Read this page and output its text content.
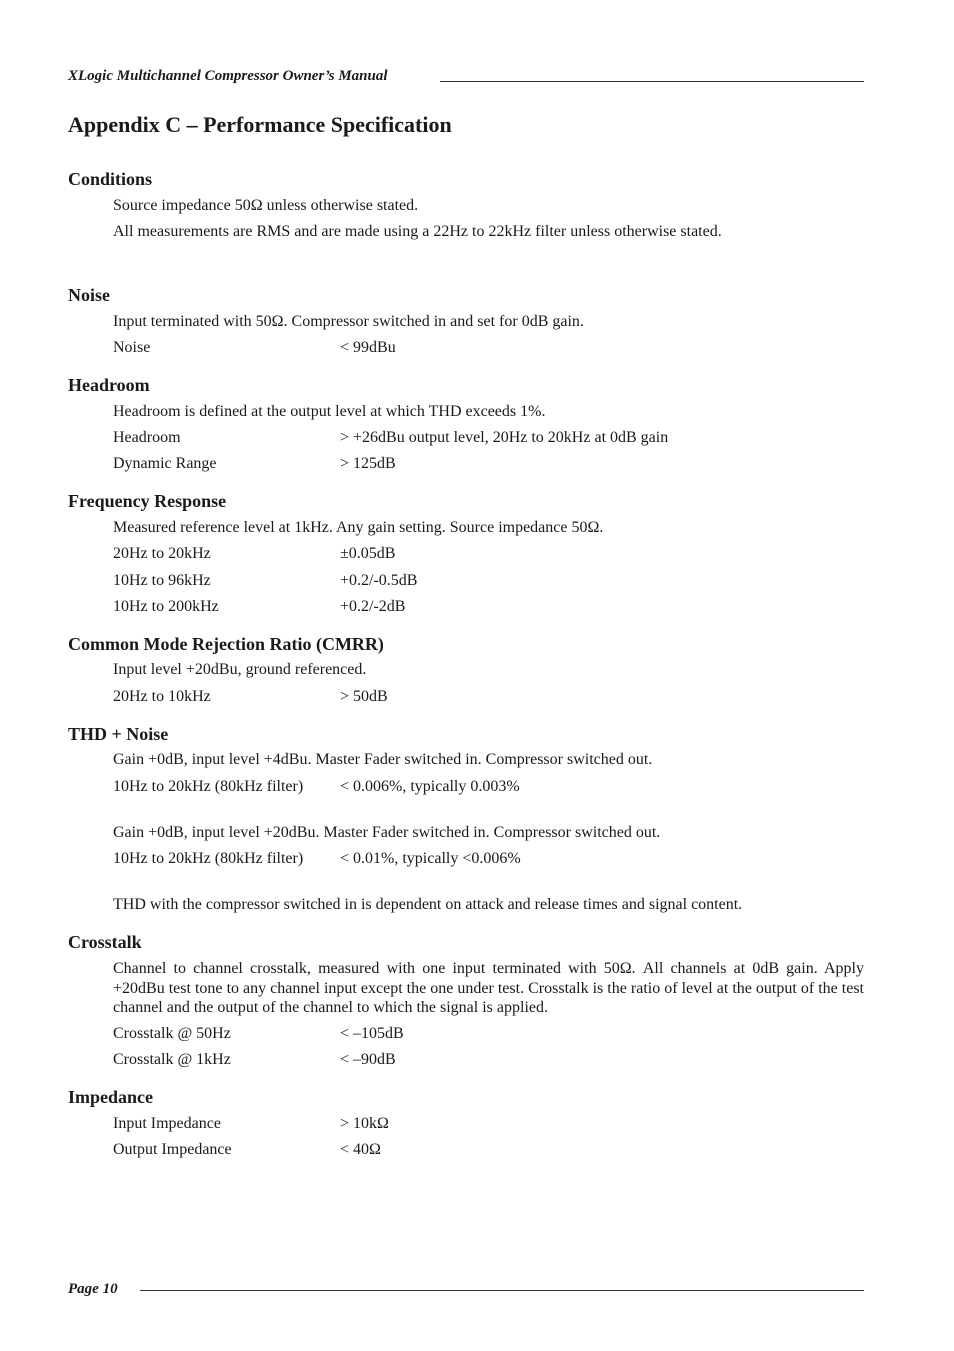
XLogic Multichannel Compressor Owner’s Manual
Appendix C – Performance Specification
Conditions
Source impedance 50Ω unless otherwise stated.
All measurements are RMS and are made using a 22Hz to 22kHz filter unless otherwise stated.
Noise
Input terminated with 50Ω. Compressor switched in and set for 0dB gain.
Noise	< 99dBu
Headroom
Headroom is defined at the output level at which THD exceeds 1%.
Headroom	> +26dBu output level, 20Hz to 20kHz at 0dB gain
Dynamic Range	> 125dB
Frequency Response
Measured reference level at 1kHz. Any gain setting. Source impedance 50Ω.
20Hz to 20kHz	±0.05dB
10Hz to 96kHz	+0.2/-0.5dB
10Hz to 200kHz	+0.2/-2dB
Common Mode Rejection Ratio (CMRR)
Input level +20dBu, ground referenced.
20Hz to 10kHz	> 50dB
THD + Noise
Gain +0dB, input level +4dBu. Master Fader switched in. Compressor switched out.
10Hz to 20kHz (80kHz filter) < 0.006%, typically 0.003%
Gain +0dB, input level +20dBu. Master Fader switched in. Compressor switched out.
10Hz to 20kHz (80kHz filter) < 0.01%, typically <0.006%
THD with the compressor switched in is dependent on attack and release times and signal content.
Crosstalk
Channel to channel crosstalk, measured with one input terminated with 50Ω. All channels at 0dB gain. Apply +20dBu test tone to any channel input except the one under test. Crosstalk is the ratio of level at the output of the test channel and the output of the channel to which the signal is applied.
Crosstalk @ 50Hz	< –105dB
Crosstalk @ 1kHz	< –90dB
Impedance
Input Impedance	> 10kΩ
Output Impedance	< 40Ω
Page 10
